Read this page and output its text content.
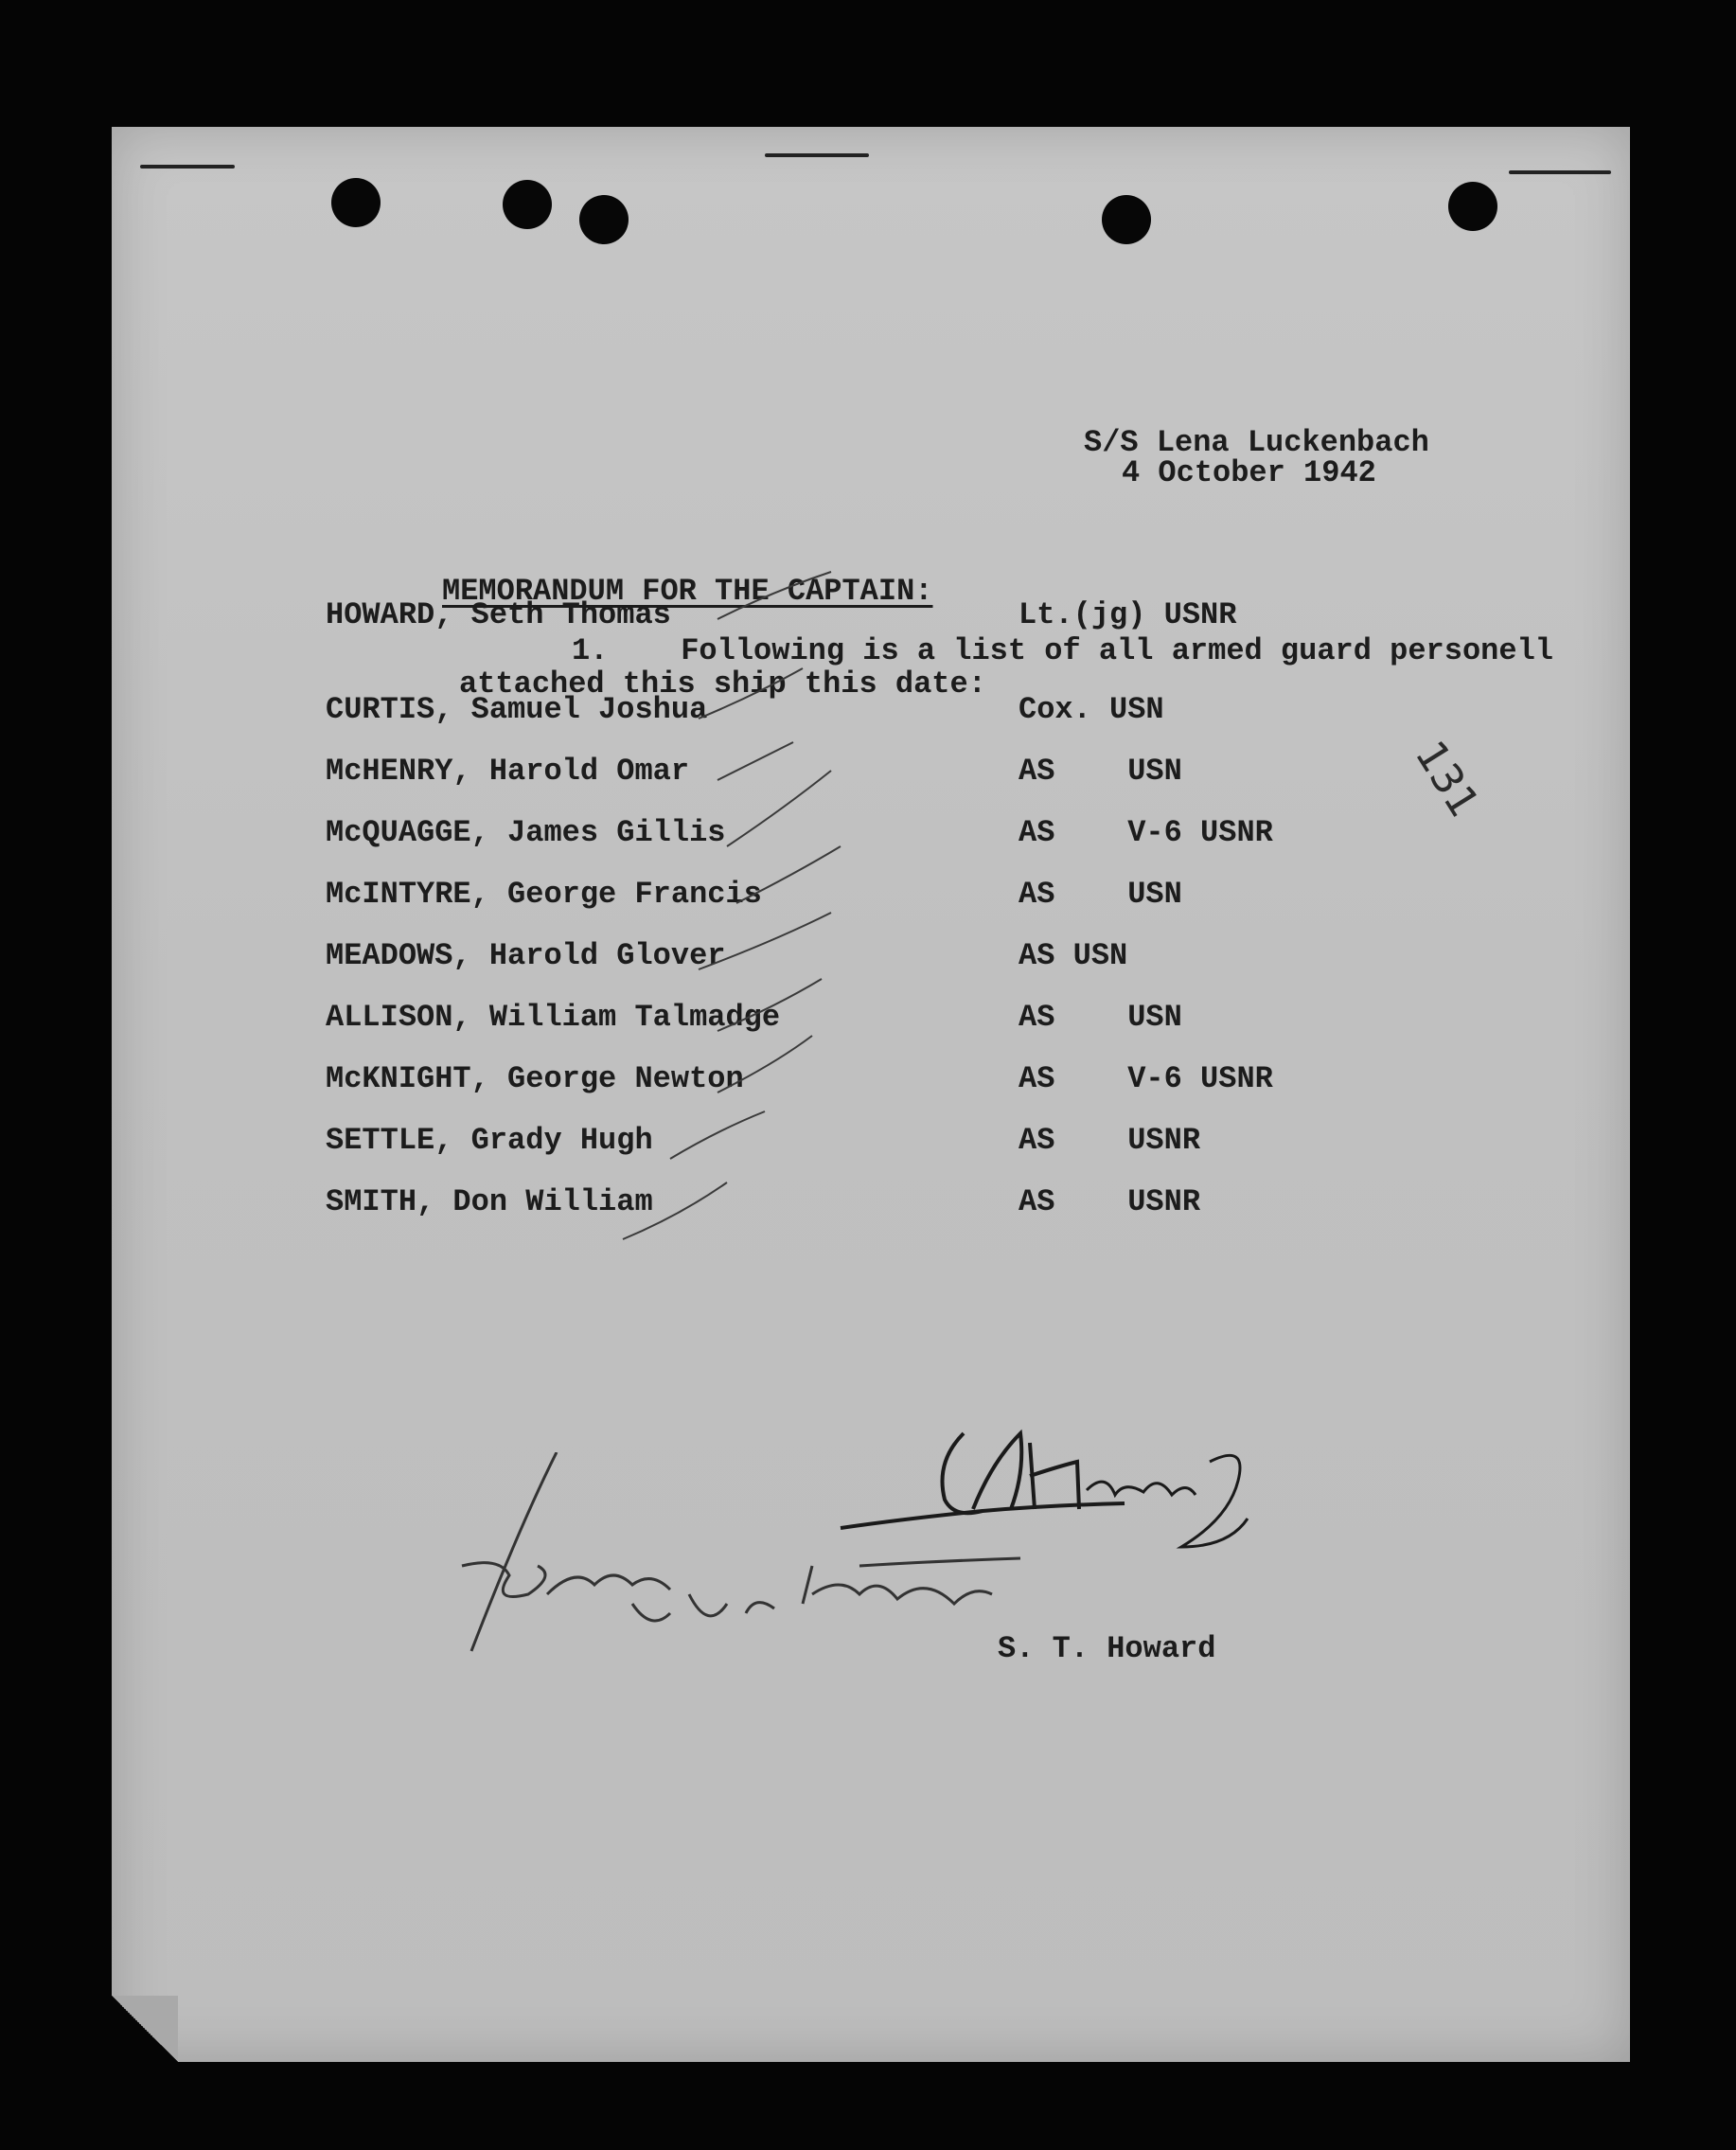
S/S Lena Luckenbach
4 October 1942
MEMORANDUM FOR THE CAPTAIN:
1.    Following is a list of all armed guard personell
attached this ship this date:
HOWARD, Seth Thomas	Lt.(jg) USNR
CURTIS, Samuel Joshua	Cox. USN
McHENRY, Harold Omar	AS    USN
McQUAGGE, James Gillis	AS    V-6 USNR
McINTYRE, George Francis	AS    USN
MEADOWS, Harold Glover	AS USN
ALLISON, William Talmadge	AS    USN
McKNIGHT, George Newton	AS    V-6 USNR
SETTLE, Grady Hugh	AS    USNR
SMITH, Don William	AS    USNR
131
S. T. Howard
